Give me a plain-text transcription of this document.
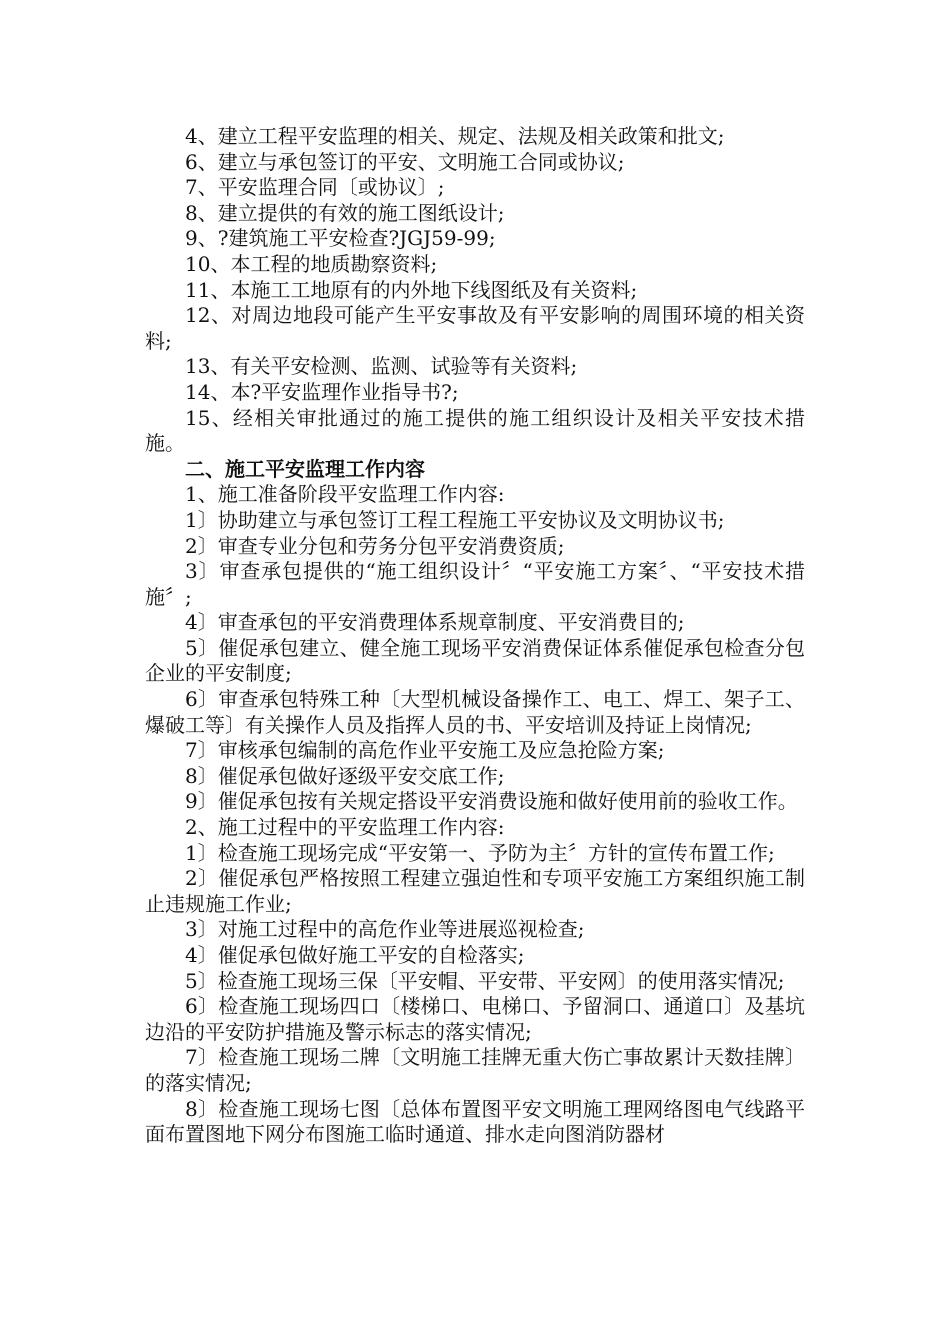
4、建立工程平安监理的相关、规定、法规及相关政策和批文;

6、建立与承包签订的平安、文明施工合同或协议;

7、平安监理合同〔或协议〕;

8、建立提供的有效的施工图纸设计;

9、?建筑施工平安检查?JGJ59-99;

10、本工程的地质勘察资料;

11、本施工工地原有的内外地下线图纸及有关资料;

12、对周边地段可能产生平安事故及有平安影响的周围环境的相关资料;

13、有关平安检测、监测、试验等有关资料;

14、本?平安监理作业指导书?;

15、经相关审批通过的施工提供的施工组织设计及相关平安技术措施。

二、施工平安监理工作内容

1、施工准备阶段平安监理工作内容:

1〕协助建立与承包签订工程工程施工平安协议及文明协议书;

2〕审查专业分包和劳务分包平安消费资质;

3〕审查承包提供的“施工组织设计〞“平安施工方案〞、“平安技术措施〞;

4〕审查承包的平安消费理体系规章制度、平安消费目的;

5〕催促承包建立、健全施工现场平安消费保证体系催促承包检查分包企业的平安制度;

6〕审查承包特殊工种〔大型机械设备操作工、电工、焊工、架子工、爆破工等〕有关操作人员及指挥人员的书、平安培训及持证上岗情况;

7〕审核承包编制的高危作业平安施工及应急抢险方案;

8〕催促承包做好逐级平安交底工作;

9〕催促承包按有关规定搭设平安消费设施和做好使用前的验收工作。

2、施工过程中的平安监理工作内容:

1〕检查施工现场完成“平安第一、予防为主〞方针的宣传布置工作;

2〕催促承包严格按照工程建立强迫性和专项平安施工方案组织施工制止违规施工作业;

3〕对施工过程中的高危作业等进展巡视检查;

4〕催促承包做好施工平安的自检落实;

5〕检查施工现场三保〔平安帽、平安带、平安网〕的使用落实情况;

6〕检查施工现场四口〔楼梯口、电梯口、予留洞口、通道口〕及基坑边沿的平安防护措施及警示标志的落实情况;

7〕检查施工现场二牌〔文明施工挂牌无重大伤亡事故累计天数挂牌〕的落实情况;

8〕检查施工现场七图〔总体布置图平安文明施工理网络图电气线路平面布置图地下网分布图施工临时通道、排水走向图消防器材
